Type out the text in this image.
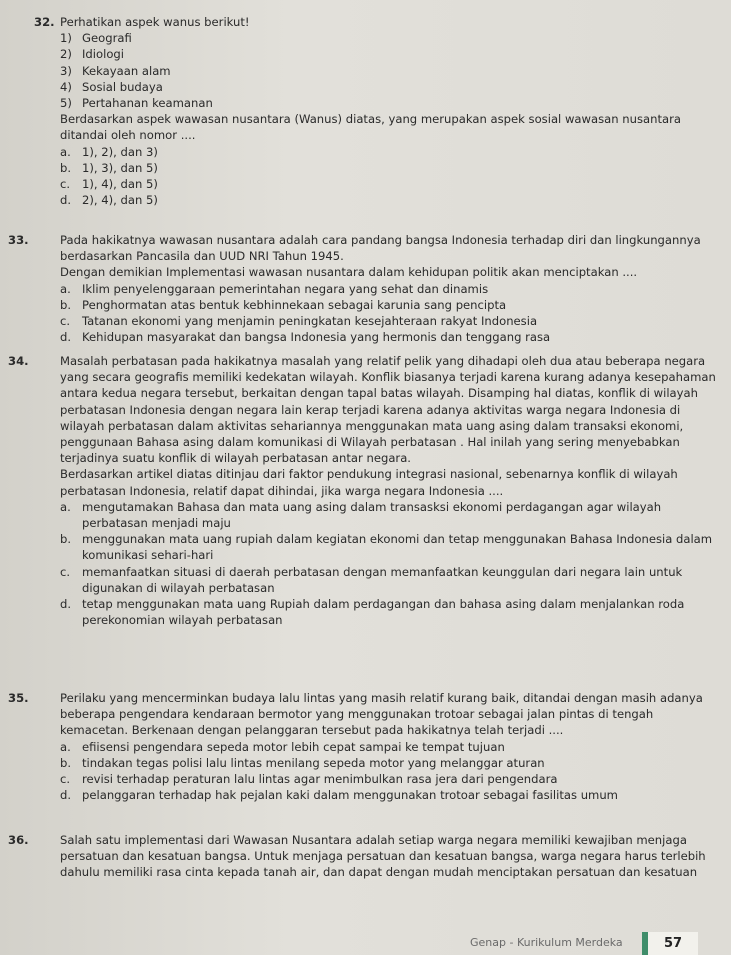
32. Perhatikan aspek wanus berikut!

1) Geografi
2) Idiologi
3) Kekayaan alam
4) Sosial budaya
5) Pertahanan keamanan

Berdasarkan aspek wawasan nusantara (Wanus) diatas, yang merupakan aspek sosial wawasan nusantara ditandai oleh nomor ....

a. 1), 2), dan 3)
b. 1), 3), dan 5)
c. 1), 4), dan 5)
d. 2), 4), dan 5)

33.	Pada hakikatnya wawasan nusantara adalah cara pandang bangsa Indonesia terhadap diri dan lingkungannya berdasarkan Pancasila dan UUD NRI Tahun 1945.

Dengan demikian Implementasi wawasan nusantara dalam kehidupan politik akan menciptakan ....

a. Iklim penyelenggaraan pemerintahan negara yang sehat dan dinamis
b. Penghormatan atas bentuk kebhinnekaan sebagai karunia sang pencipta
c. Tatanan ekonomi yang menjamin peningkatan kesejahteraan rakyat Indonesia
d. Kehidupan masyarakat dan bangsa Indonesia yang hermonis dan tenggang rasa

34.	Masalah perbatasan pada hakikatnya masalah yang relatif pelik yang dihadapi oleh dua atau beberapa negara yang secara geografis memiliki kedekatan wilayah. Konflik biasanya terjadi karena kurang adanya kesepahaman antara kedua negara tersebut, berkaitan dengan tapal batas wilayah. Disamping hal diatas, konflik di wilayah perbatasan Indonesia dengan negara lain kerap terjadi karena adanya aktivitas warga negara Indonesia di wilayah perbatasan dalam aktivitas sehariannya menggunakan mata uang asing dalam transaksi ekonomi, penggunaan Bahasa asing dalam komunikasi di Wilayah perbatasan . Hal inilah yang sering menyebabkan terjadinya suatu konflik di wilayah perbatasan antar negara.

Berdasarkan artikel diatas ditinjau dari faktor pendukung integrasi nasional, sebenarnya konflik di wilayah perbatasan Indonesia, relatif dapat dihindai, jika warga negara Indonesia ....

a. mengutamakan Bahasa dan mata uang asing dalam transasksi ekonomi perdagangan agar wilayah perbatasan menjadi maju
b. menggunakan mata uang rupiah dalam kegiatan ekonomi dan tetap menggunakan Bahasa Indonesia dalam komunikasi sehari-hari
c. memanfaatkan situasi di daerah perbatasan dengan memanfaatkan keunggulan dari negara lain untuk digunakan di wilayah perbatasan
d. tetap menggunakan mata uang Rupiah dalam perdagangan dan bahasa asing dalam menjalankan roda perekonomian wilayah perbatasan

35.	Perilaku yang mencerminkan budaya lalu lintas yang masih relatif kurang baik, ditandai dengan masih adanya beberapa pengendara kendaraan bermotor yang menggunakan trotoar sebagai jalan pintas di tengah kemacetan. Berkenaan dengan pelanggaran tersebut pada hakikatnya telah terjadi ....

a. efiisensi pengendara sepeda motor lebih cepat sampai ke tempat tujuan
b. tindakan tegas polisi lalu lintas menilang sepeda motor yang melanggar aturan
c. revisi terhadap peraturan lalu lintas agar menimbulkan rasa jera dari pengendara
d. pelanggaran terhadap hak pejalan kaki dalam menggunakan trotoar sebagai fasilitas umum

36.	Salah satu implementasi dari Wawasan Nusantara adalah setiap warga negara memiliki kewajiban menjaga persatuan dan kesatuan bangsa. Untuk menjaga persatuan dan kesatuan bangsa, warga negara harus terlebih dahulu memiliki rasa cinta kepada tanah air, dan dapat dengan mudah menciptakan persatuan dan kesatuan

Genap - Kurikulum Merdeka	57
